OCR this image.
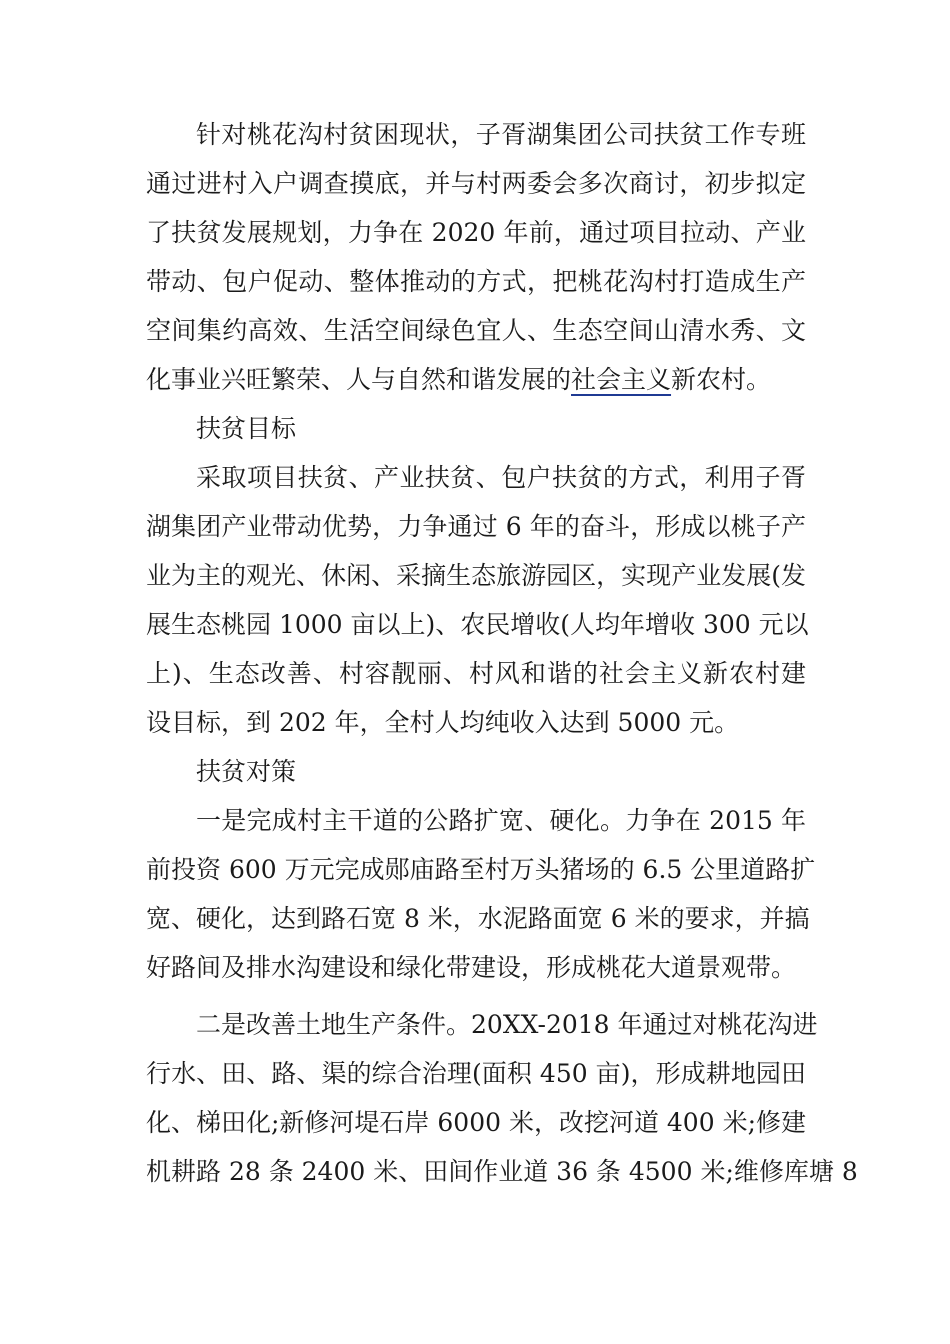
针对桃花沟村贫困现状，子胥湖集团公司扶贫工作专班
通过进村入户调查摸底，并与村两委会多次商讨，初步拟定
了扶贫发展规划，力争在 2020 年前，通过项目拉动、产业
带动、包户促动、整体推动的方式，把桃花沟村打造成生产
空间集约高效、生活空间绿色宜人、生态空间山清水秀、文
化事业兴旺繁荣、人与自然和谐发展的社会主义新农村。
扶贫目标
采取项目扶贫、产业扶贫、包户扶贫的方式，利用子胥
湖集团产业带动优势，力争通过 6 年的奋斗，形成以桃子产
业为主的观光、休闲、采摘生态旅游园区，实现产业发展(发
展生态桃园 1000 亩以上)、农民增收(人均年增收 300 元以
上)、生态改善、村容靓丽、村风和谐的社会主义新农村建
设目标，到 202 年，全村人均纯收入达到 5000 元。
扶贫对策
一是完成村主干道的公路扩宽、硬化。力争在 2015 年
前投资 600 万元完成郧庙路至村万头猪场的 6.5 公里道路扩
宽、硬化，达到路石宽 8 米，水泥路面宽 6 米的要求，并搞
好路间及排水沟建设和绿化带建设，形成桃花大道景观带。
二是改善土地生产条件。20XX-2018 年通过对桃花沟进
行水、田、路、渠的综合治理(面积 450 亩)，形成耕地园田
化、梯田化;新修河堤石岸 6000 米，改挖河道 400 米;修建
机耕路 28 条 2400 米、田间作业道 36 条 4500 米;维修库塘 8
